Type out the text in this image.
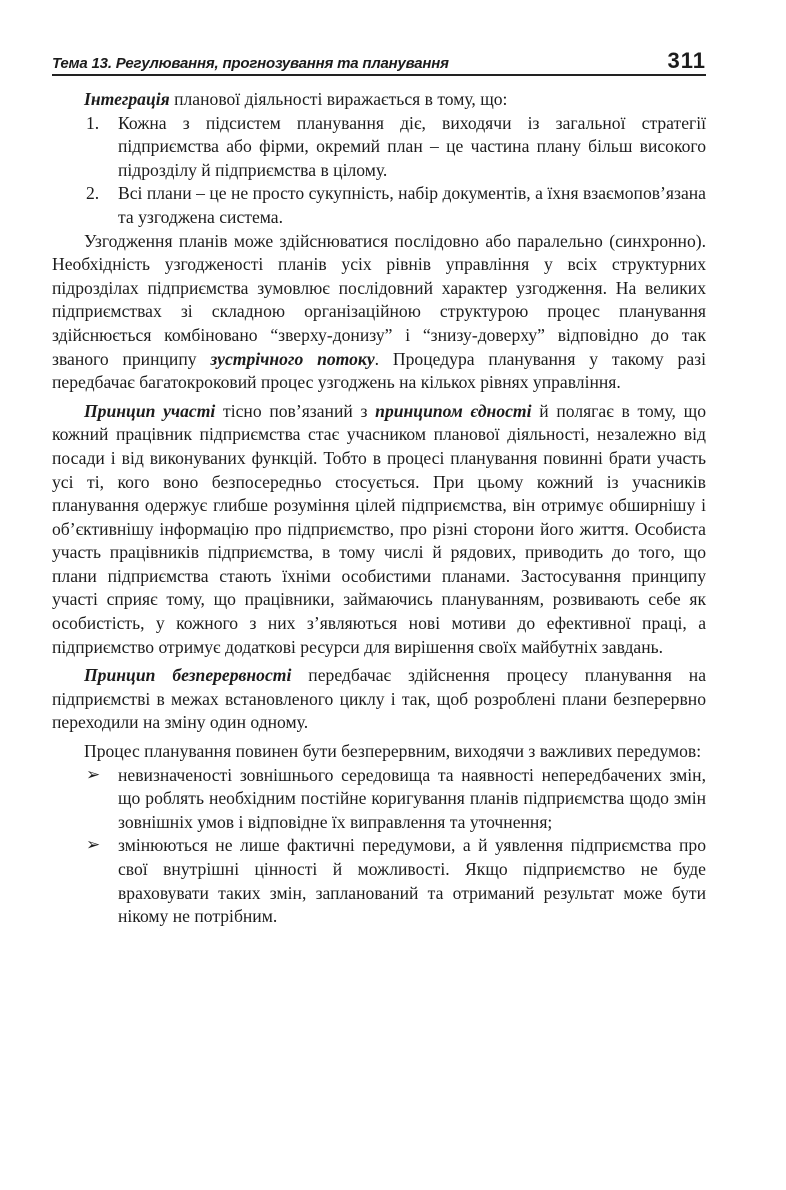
Тема 13. Регулювання, прогнозування та планування	311

Інтеграція планової діяльності виражається в тому, що:

1. Кожна з підсистем планування діє, виходячи із загальної стратегії підприємства або фірми, окремий план – це частина плану більш високого підрозділу й підприємства в цілому.
2. Всі плани – це не просто сукупність, набір документів, а їхня взаємопов’язана та узгоджена система.

Узгодження планів може здійснюватися послідовно або паралельно (синхронно). Необхідність узгодженості планів усіх рівнів управління у всіх структурних підрозділах підприємства зумовлює послідовний характер узгодження. На великих підприємствах зі складною організаційною структурою процес планування здійснюється комбіновано “зверху-донизу” і “знизу-доверху” відповідно до так званого принципу зустрічного потоку. Процедура планування у такому разі передбачає багатокроковий процес узгоджень на кількох рівнях управління.

Принцип участі тісно пов’язаний з принципом єдності й полягає в тому, що кожний працівник підприємства стає учасником планової діяльності, незалежно від посади і від виконуваних функцій. Тобто в процесі планування повинні брати участь усі ті, кого воно безпосередньо стосується. При цьому кожний із учасників планування одержує глибше розуміння цілей підприємства, він отримує обширнішу і об’єктивнішу інформацію про підприємство, про різні сторони його життя. Особиста участь працівників підприємства, в тому числі й рядових, приводить до того, що плани підприємства стають їхніми особистими планами. Застосування принципу участі сприяє тому, що працівники, займаючись плануванням, розвивають себе як особистість, у кожного з них з’являються нові мотиви до ефективної праці, а підприємство отримує додаткові ресурси для вирішення своїх майбутніх завдань.

Принцип безперервності передбачає здійснення процесу планування на підприємстві в межах встановленого циклу і так, щоб розроблені плани безперервно переходили на зміну один одному.

Процес планування повинен бути безперервним, виходячи з важливих передумов:

➢ невизначеності зовнішнього середовища та наявності непередбачених змін, що роблять необхідним постійне коригування планів підприємства щодо змін зовнішніх умов і відповідне їх виправлення та уточнення;
➢ змінюються не лише фактичні передумови, а й уявлення підприємства про свої внутрішні цінності й можливості. Якщо підприємство не буде враховувати таких змін, запланований та отриманий результат може бути нікому не потрібним.
